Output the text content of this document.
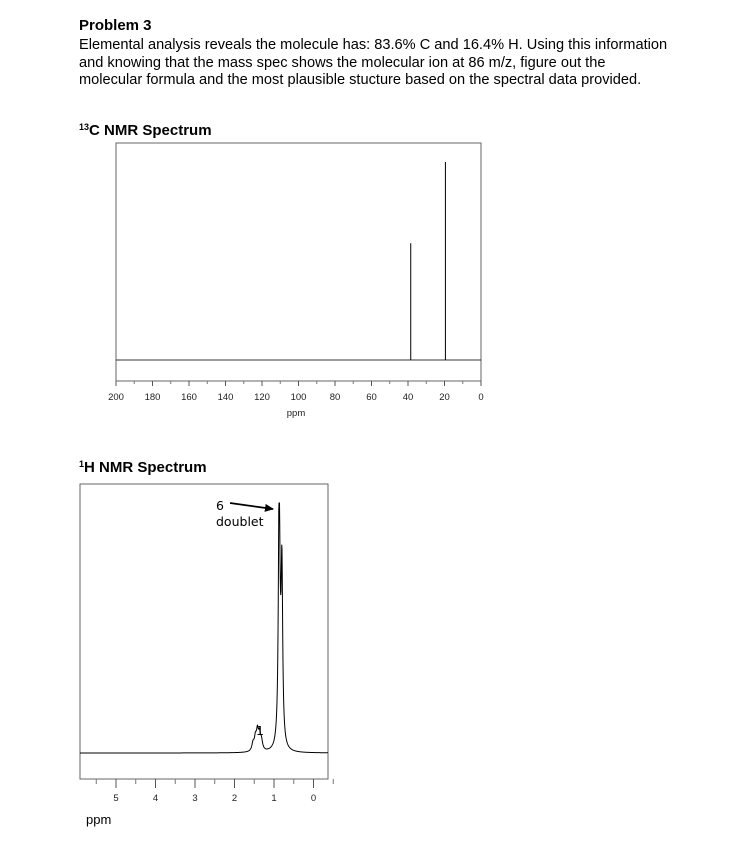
Problem 3
Elemental analysis reveals the molecule has: 83.6% C and 16.4% H. Using this information and knowing that the mass spec shows the molecular ion at 86 m/z, figure out the molecular formula and the most plausible stucture based on the spectral data provided.
$^{13}$C NMR Spectrum
$^1$H NMR Spectrum
200 180 160 140 120 100 80	60	40	20	0
ppm
5	4	3	2	1	0
6
doublet
1
ppm
